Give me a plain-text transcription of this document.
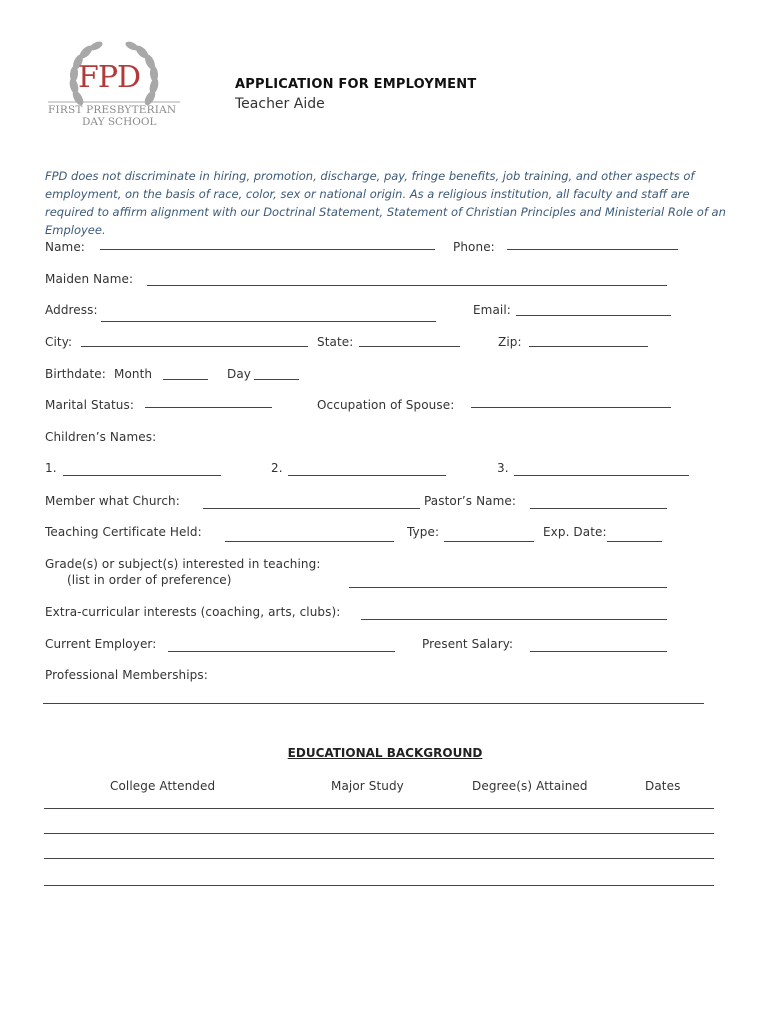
FPD
FIRST PRESBYTERIAN
DAY SCHOOL
APPLICATION FOR EMPLOYMENT
Teacher Aide
FPD does not discriminate in hiring, promotion, discharge, pay, fringe benefits, job training, and other aspects of employment, on the basis of race, color, sex or national origin. As a religious institution, all faculty and staff are required to affirm alignment with our Doctrinal Statement, Statement of Christian Principles and Ministerial Role of an Employee.
Name:	Phone:
Maiden Name:
Address:	Email:
City:	State:	Zip:
Birthdate: Month	Day
Marital Status:	Occupation of Spouse:
Children’s Names:
1.	2.	3.
Member what Church:	Pastor’s Name:
Teaching Certificate Held:	Type:	Exp. Date:
Grade(s) or subject(s) interested in teaching:
(list in order of preference)
Extra-curricular interests (coaching, arts, clubs):
Current Employer:	Present Salary:
Professional Memberships:
EDUCATIONAL BACKGROUND
College Attended	Major Study	Degree(s) Attained	Dates
